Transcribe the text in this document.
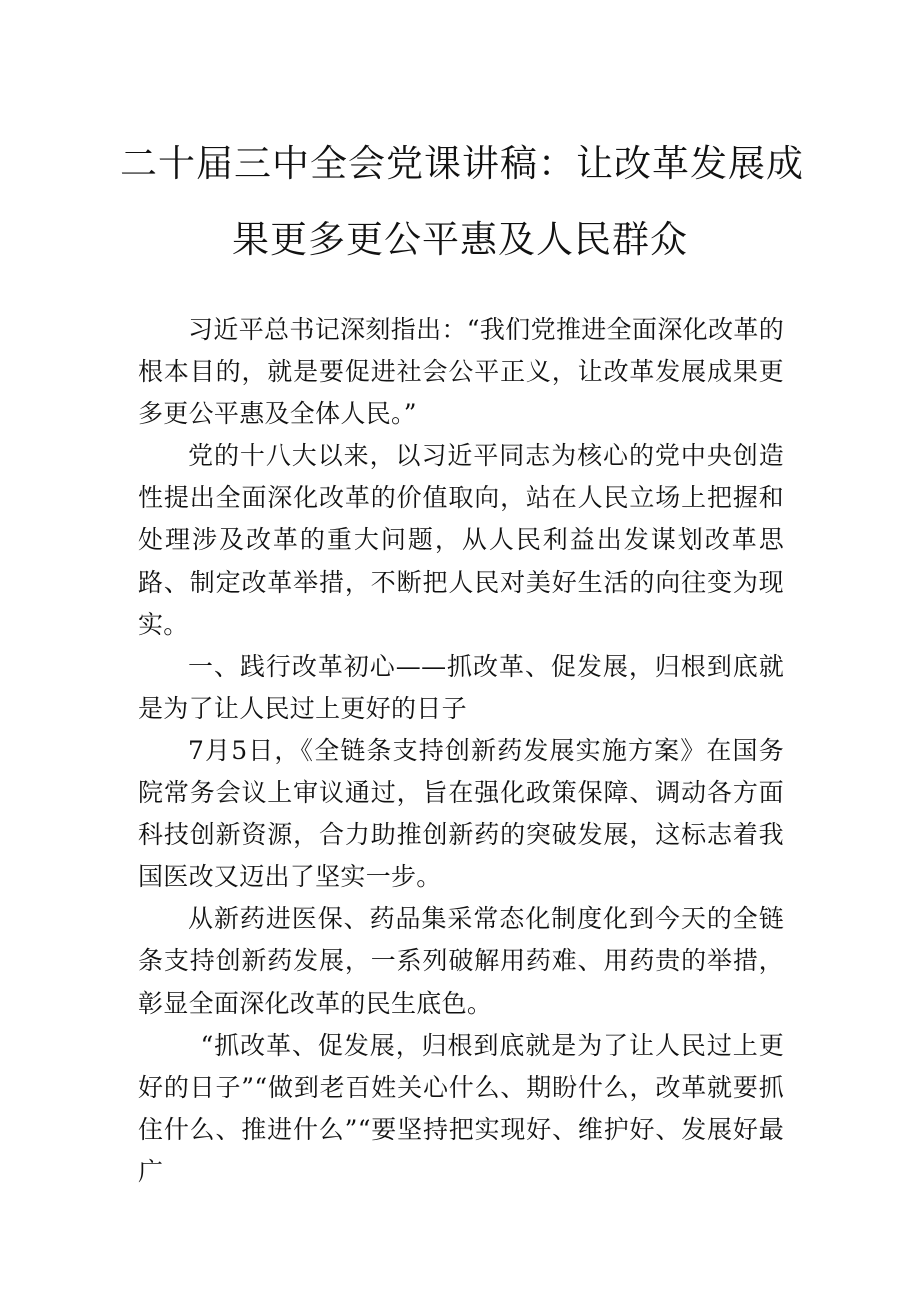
二十届三中全会党课讲稿：让改革发展成
果更多更公平惠及人民群众

习近平总书记深刻指出：“我们党推进全面深化改革的根本目的，就是要促进社会公平正义，让改革发展成果更多更公平惠及全体人民。”

党的十八大以来，以习近平同志为核心的党中央创造性提出全面深化改革的价值取向，站在人民立场上把握和处理涉及改革的重大问题，从人民利益出发谋划改革思路、制定改革举措，不断把人民对美好生活的向往变为现实。

一、践行改革初心——抓改革、促发展，归根到底就是为了让人民过上更好的日子

7月5日，《全链条支持创新药发展实施方案》在国务院常务会议上审议通过，旨在强化政策保障、调动各方面科技创新资源，合力助推创新药的突破发展，这标志着我国医改又迈出了坚实一步。

从新药进医保、药品集采常态化制度化到今天的全链条支持创新药发展，一系列破解用药难、用药贵的举措，彰显全面深化改革的民生底色。

“抓改革、促发展，归根到底就是为了让人民过上更好的日子”“做到老百姓关心什么、期盼什么，改革就要抓住什么、推进什么”“要坚持把实现好、维护好、发展好最广
